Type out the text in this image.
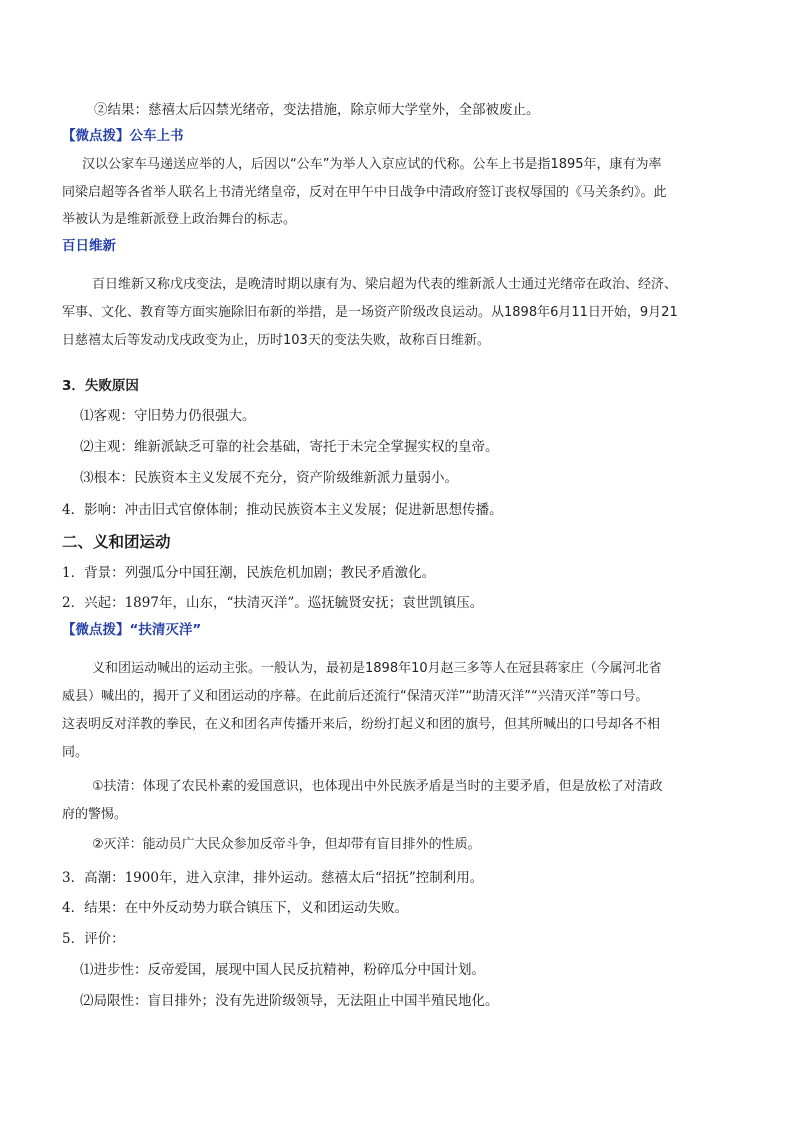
②结果：慈禧太后囚禁光绪帝，变法措施，除京师大学堂外，全部被废止。
【微点拨】公车上书
汉以公家车马递送应举的人，后因以“公车”为举人入京应试的代称。公车上书是指1895年，康有为率
同梁启超等各省举人联名上书清光绪皇帝，反对在甲午中日战争中清政府签订丧权辱国的《马关条约》。此
举被认为是维新派登上政治舞台的标志。
百日维新
百日维新又称戊戌变法，是晚清时期以康有为、梁启超为代表的维新派人士通过光绪帝在政治、经济、
军事、文化、教育等方面实施除旧布新的举措，是一场资产阶级改良运动。从1898年6月11日开始，9月21
日慈禧太后等发动戊戌政变为止，历时103天的变法失败，故称百日维新。
3．失败原因
⑴客观：守旧势力仍很强大。
⑵主观：维新派缺乏可靠的社会基础，寄托于未完全掌握实权的皇帝。
⑶根本：民族资本主义发展不充分，资产阶级维新派力量弱小。
4．影响：冲击旧式官僚体制；推动民族资本主义发展；促进新思想传播。
二、义和团运动
1．背景：列强瓜分中国狂潮，民族危机加剧；教民矛盾激化。
2．兴起：1897年，山东，“扶清灭洋”。巡抚毓贤安抚；袁世凯镇压。
【微点拨】“扶清灭洋”
义和团运动喊出的运动主张。一般认为，最初是1898年10月赵三多等人在冠县蒋家庄（今属河北省
威县）喊出的，揭开了义和团运动的序幕。在此前后还流行“保清灭洋”“助清灭洋”“兴清灭洋”等口号。
这表明反对洋教的拳民，在义和团名声传播开来后，纷纷打起义和团的旗号，但其所喊出的口号却各不相
同。
①扶清：体现了农民朴素的爱国意识，也体现出中外民族矛盾是当时的主要矛盾，但是放松了对清政
府的警惕。
②灭洋：能动员广大民众参加反帝斗争，但却带有盲目排外的性质。
3．高潮：1900年，进入京津，排外运动。慈禧太后“招抚”控制利用。
4．结果：在中外反动势力联合镇压下，义和团运动失败。
5．评价：
⑴进步性：反帝爱国，展现中国人民反抗精神，粉碎瓜分中国计划。
⑵局限性：盲目排外；没有先进阶级领导，无法阻止中国半殖民地化。
